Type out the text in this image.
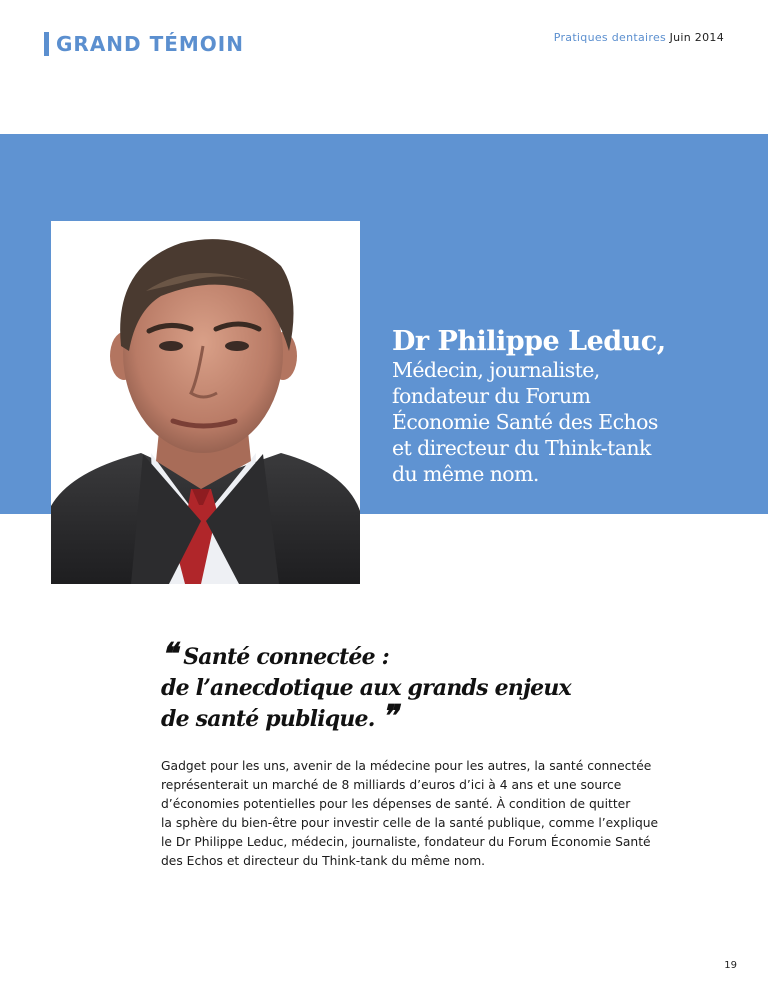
GRAND TÉMOIN	Pratiques dentaires Juin 2014
Dr Philippe Leduc,
Médecin, journaliste,
fondateur du Forum
Économie Santé des Echos
et directeur du Think-tank
du même nom.
❝ Santé connectée :
de l’anecdotique aux grands enjeux
de santé publique. ❞
Gadget pour les uns, avenir de la médecine pour les autres, la santé connectée
représenterait un marché de 8 milliards d’euros d’ici à 4 ans et une source
d’économies potentielles pour les dépenses de santé. À condition de quitter
la sphère du bien-être pour investir celle de la santé publique, comme l’explique
le Dr Philippe Leduc, médecin, journaliste, fondateur du Forum Économie Santé
des Echos et directeur du Think-tank du même nom.
19
